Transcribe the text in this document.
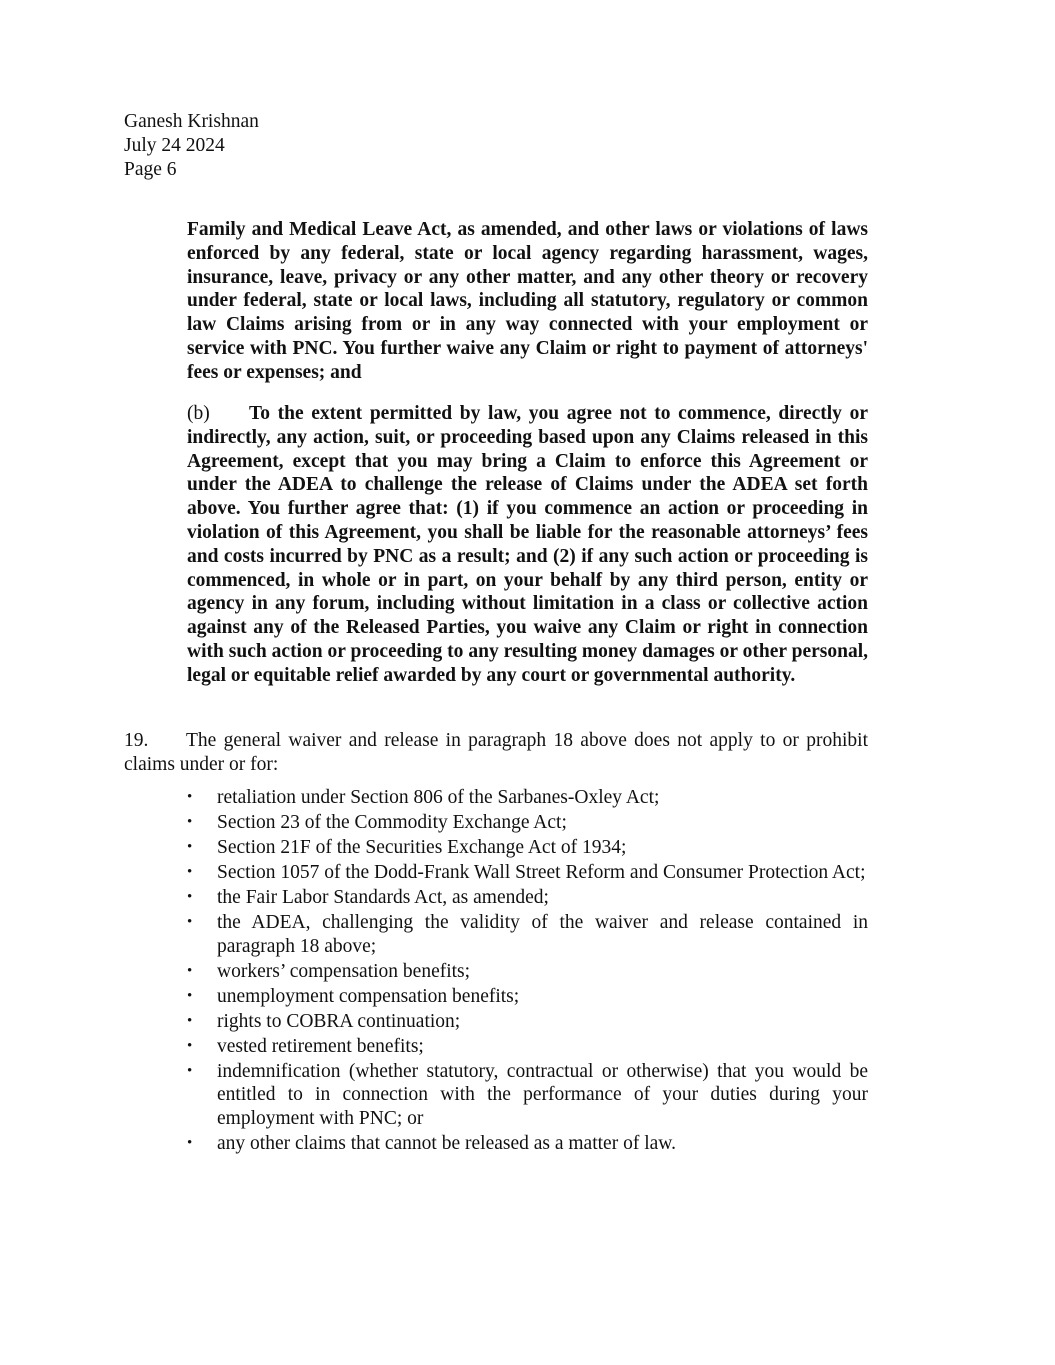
Ganesh Krishnan
July 24 2024
Page 6
Family and Medical Leave Act, as amended, and other laws or violations of laws enforced by any federal, state or local agency regarding harassment, wages, insurance, leave, privacy or any other matter, and any other theory or recovery under federal, state or local laws, including all statutory, regulatory or common law Claims arising from or in any way connected with your employment or service with PNC. You further waive any Claim or right to payment of attorneys' fees or expenses; and
(b) To the extent permitted by law, you agree not to commence, directly or indirectly, any action, suit, or proceeding based upon any Claims released in this Agreement, except that you may bring a Claim to enforce this Agreement or under the ADEA to challenge the release of Claims under the ADEA set forth above. You further agree that: (1) if you commence an action or proceeding in violation of this Agreement, you shall be liable for the reasonable attorneys’ fees and costs incurred by PNC as a result; and (2) if any such action or proceeding is commenced, in whole or in part, on your behalf by any third person, entity or agency in any forum, including without limitation in a class or collective action against any of the Released Parties, you waive any Claim or right in connection with such action or proceeding to any resulting money damages or other personal, legal or equitable relief awarded by any court or governmental authority.
19. The general waiver and release in paragraph 18 above does not apply to or prohibit claims under or for:
•	retaliation under Section 806 of the Sarbanes-Oxley Act;
•	Section 23 of the Commodity Exchange Act;
•	Section 21F of the Securities Exchange Act of 1934;
•	Section 1057 of the Dodd-Frank Wall Street Reform and Consumer Protection Act;
•	the Fair Labor Standards Act, as amended;
•	the ADEA, challenging the validity of the waiver and release contained in paragraph 18 above;
•	workers’ compensation benefits;
•	unemployment compensation benefits;
•	rights to COBRA continuation;
•	vested retirement benefits;
•	indemnification (whether statutory, contractual or otherwise) that you would be entitled to in connection with the performance of your duties during your employment with PNC; or
•	any other claims that cannot be released as a matter of law.
